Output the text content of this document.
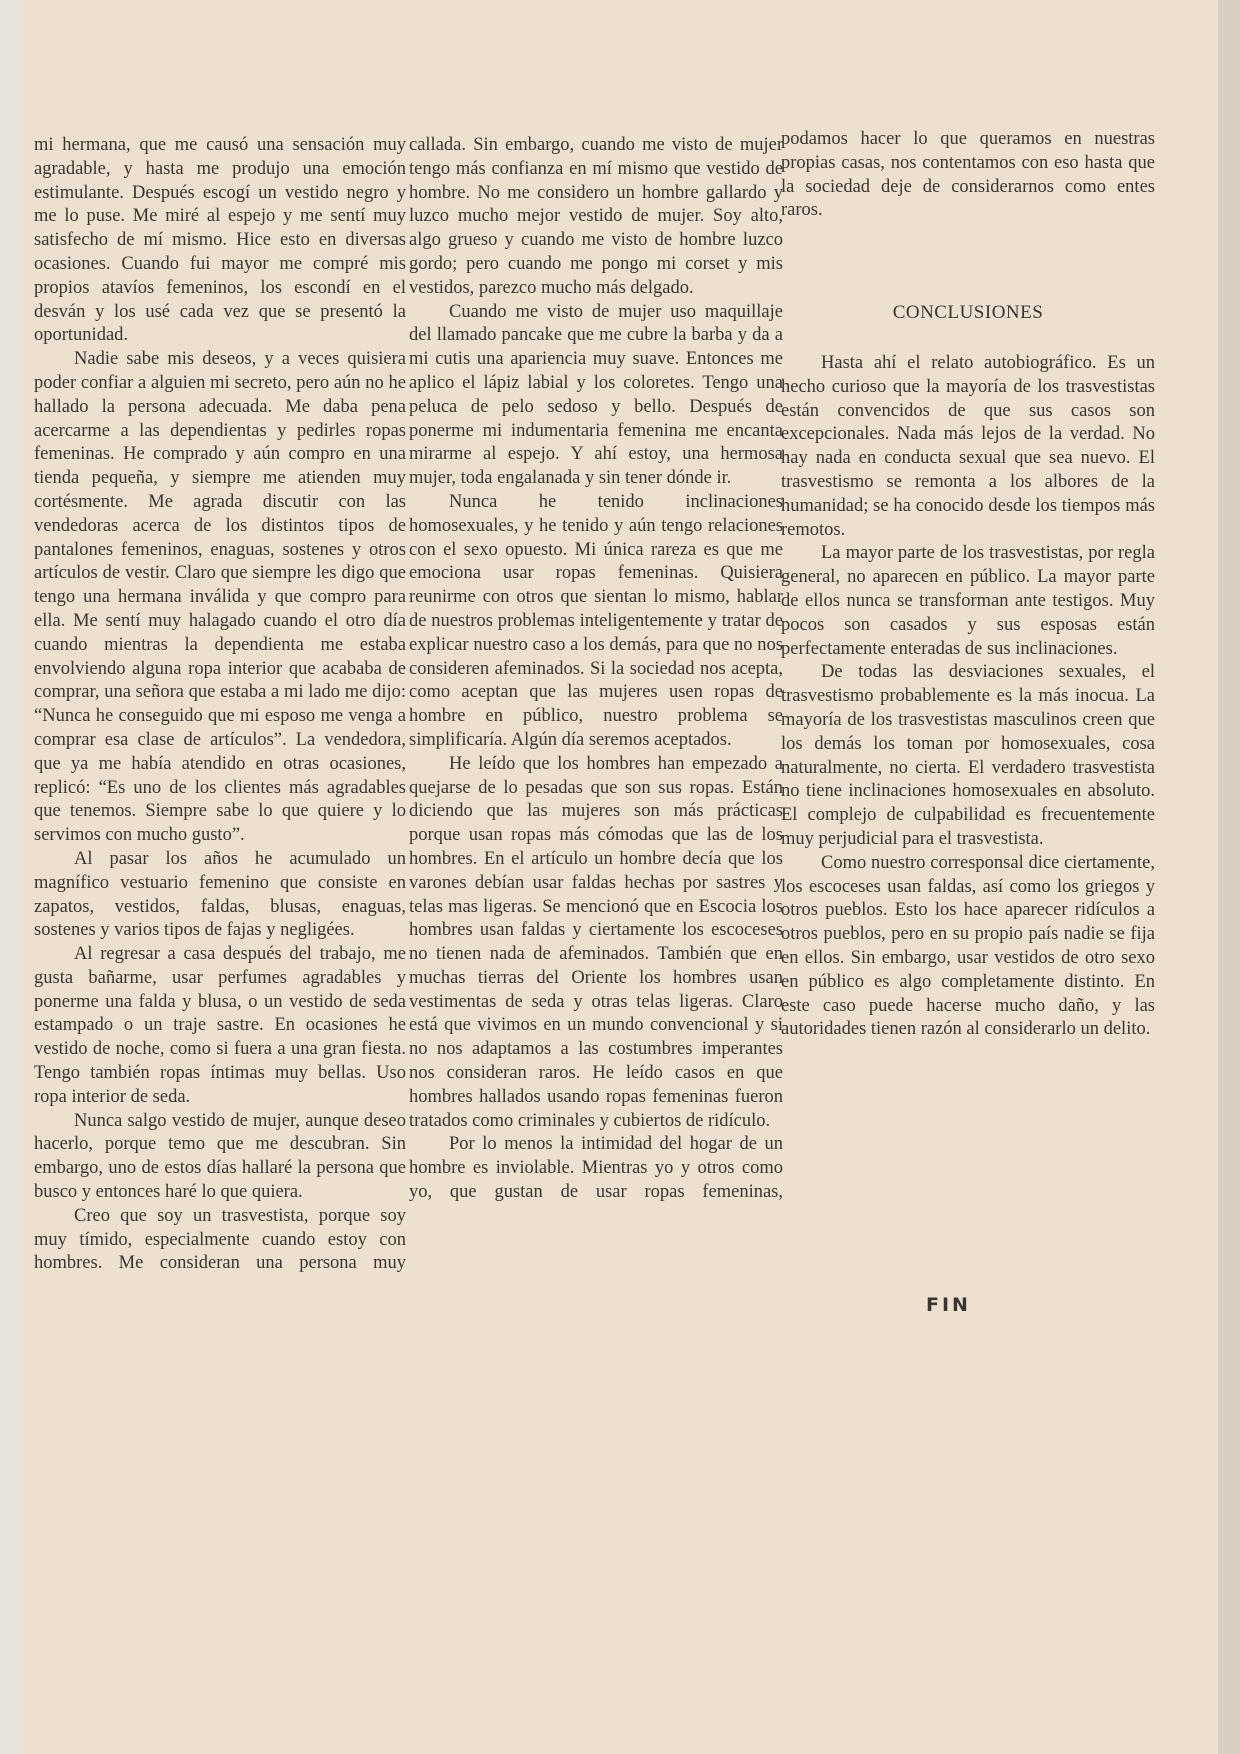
mi hermana, que me causó una sensación muy agradable, y hasta me produjo una emoción estimulante. Después escogí un vestido negro y me lo puse. Me miré al espejo y me sentí muy satisfecho de mí mismo. Hice esto en diversas ocasiones. Cuando fui mayor me compré mis propios atavíos femeninos, los escondí en el desván y los usé cada vez que se presentó la oportunidad.

Nadie sabe mis deseos, y a veces quisiera poder confiar a alguien mi secreto, pero aún no he hallado la persona adecuada. Me daba pena acercarme a las dependientas y pedirles ropas femeninas. He comprado y aún compro en una tienda pequeña, y siempre me atienden muy cortésmente. Me agrada discutir con las vendedoras acerca de los distintos tipos de pantalones femeninos, enaguas, sostenes y otros artículos de vestir. Claro que siempre les digo que tengo una hermana inválida y que compro para ella. Me sentí muy halagado cuando el otro día cuando mientras la dependienta me estaba envolviendo alguna ropa interior que acababa de comprar, una señora que estaba a mi lado me dijo: “Nunca he conseguido que mi esposo me venga a comprar esa clase de artículos”. La vendedora, que ya me había atendido en otras ocasiones, replicó: “Es uno de los clientes más agradables que tenemos. Siempre sabe lo que quiere y lo servimos con mucho gusto”.

Al pasar los años he acumulado un magnífico vestuario femenino que consiste en zapatos, vestidos, faldas, blusas, enaguas, sostenes y varios tipos de fajas y negligées.

Al regresar a casa después del trabajo, me gusta bañarme, usar perfumes agradables y ponerme una falda y blusa, o un vestido de seda estampado o un traje sastre. En ocasiones he vestido de noche, como si fuera a una gran fiesta. Tengo también ropas íntimas muy bellas. Uso ropa interior de seda.

Nunca salgo vestido de mujer, aunque deseo hacerlo, porque temo que me descubran. Sin embargo, uno de estos días hallaré la persona que busco y entonces haré lo que quiera.

Creo que soy un trasvestista, porque soy muy tímido, especialmente cuando estoy con hombres. Me consideran una persona muy

callada. Sin embargo, cuando me visto de mujer tengo más confianza en mí mismo que vestido de hombre. No me considero un hombre gallardo y luzco mucho mejor vestido de mujer. Soy alto, algo grueso y cuando me visto de hombre luzco gordo; pero cuando me pongo mi corset y mis vestidos, parezco mucho más delgado.

Cuando me visto de mujer uso maquillaje del llamado pancake que me cubre la barba y da a mi cutis una apariencia muy suave. Entonces me aplico el lápiz labial y los coloretes. Tengo una peluca de pelo sedoso y bello. Después de ponerme mi indumentaria femenina me encanta mirarme al espejo. Y ahí estoy, una hermosa mujer, toda engalanada y sin tener dónde ir.

Nunca he tenido inclinaciones homosexuales, y he tenido y aún tengo relaciones con el sexo opuesto. Mi única rareza es que me emociona usar ropas femeninas. Quisiera reunirme con otros que sientan lo mismo, hablar de nuestros problemas inteligentemente y tratar de explicar nuestro caso a los demás, para que no nos consideren afeminados. Si la sociedad nos acepta, como aceptan que las mujeres usen ropas de hombre en público, nuestro problema se simplificaría. Algún día seremos aceptados.

He leído que los hombres han empezado a quejarse de lo pesadas que son sus ropas. Están diciendo que las mujeres son más prácticas porque usan ropas más cómodas que las de los hombres. En el artículo un hombre decía que los varones debían usar faldas hechas por sastres y telas mas ligeras. Se mencionó que en Escocia los hombres usan faldas y ciertamente los escoceses no tienen nada de afeminados. También que en muchas tierras del Oriente los hombres usan vestimentas de seda y otras telas ligeras. Claro está que vivimos en un mundo convencional y si no nos adaptamos a las costumbres imperantes nos consideran raros. He leído casos en que hombres hallados usando ropas femeninas fueron tratados como criminales y cubiertos de ridículo.

Por lo menos la intimidad del hogar de un hombre es inviolable. Mientras yo y otros como yo, que gustan de usar ropas femeninas,

podamos hacer lo que queramos en nuestras propias casas, nos contentamos con eso hasta que la sociedad deje de considerarnos como entes raros.

CONCLUSIONES

Hasta ahí el relato autobiográfico. Es un hecho curioso que la mayoría de los trasvestistas están convencidos de que sus casos son excepcionales. Nada más lejos de la verdad. No hay nada en conducta sexual que sea nuevo. El trasvestismo se remonta a los albores de la humanidad; se ha conocido desde los tiempos más remotos.

La mayor parte de los trasvestistas, por regla general, no aparecen en público. La mayor parte de ellos nunca se transforman ante testigos. Muy pocos son casados y sus esposas están perfectamente enteradas de sus inclinaciones.

De todas las desviaciones sexuales, el trasvestismo probablemente es la más inocua. La mayoría de los trasvestistas masculinos creen que los demás los toman por homosexuales, cosa naturalmente, no cierta. El verdadero trasvestista no tiene inclinaciones homosexuales en absoluto. El complejo de culpabilidad es frecuentemente muy perjudicial para el trasvestista.

Como nuestro corresponsal dice ciertamente, los escoceses usan faldas, así como los griegos y otros pueblos. Esto los hace aparecer ridículos a otros pueblos, pero en su propio país nadie se fija en ellos. Sin embargo, usar vestidos de otro sexo en público es algo completamente distinto. En este caso puede hacerse mucho daño, y las autoridades tienen razón al considerarlo un delito.

FIN
